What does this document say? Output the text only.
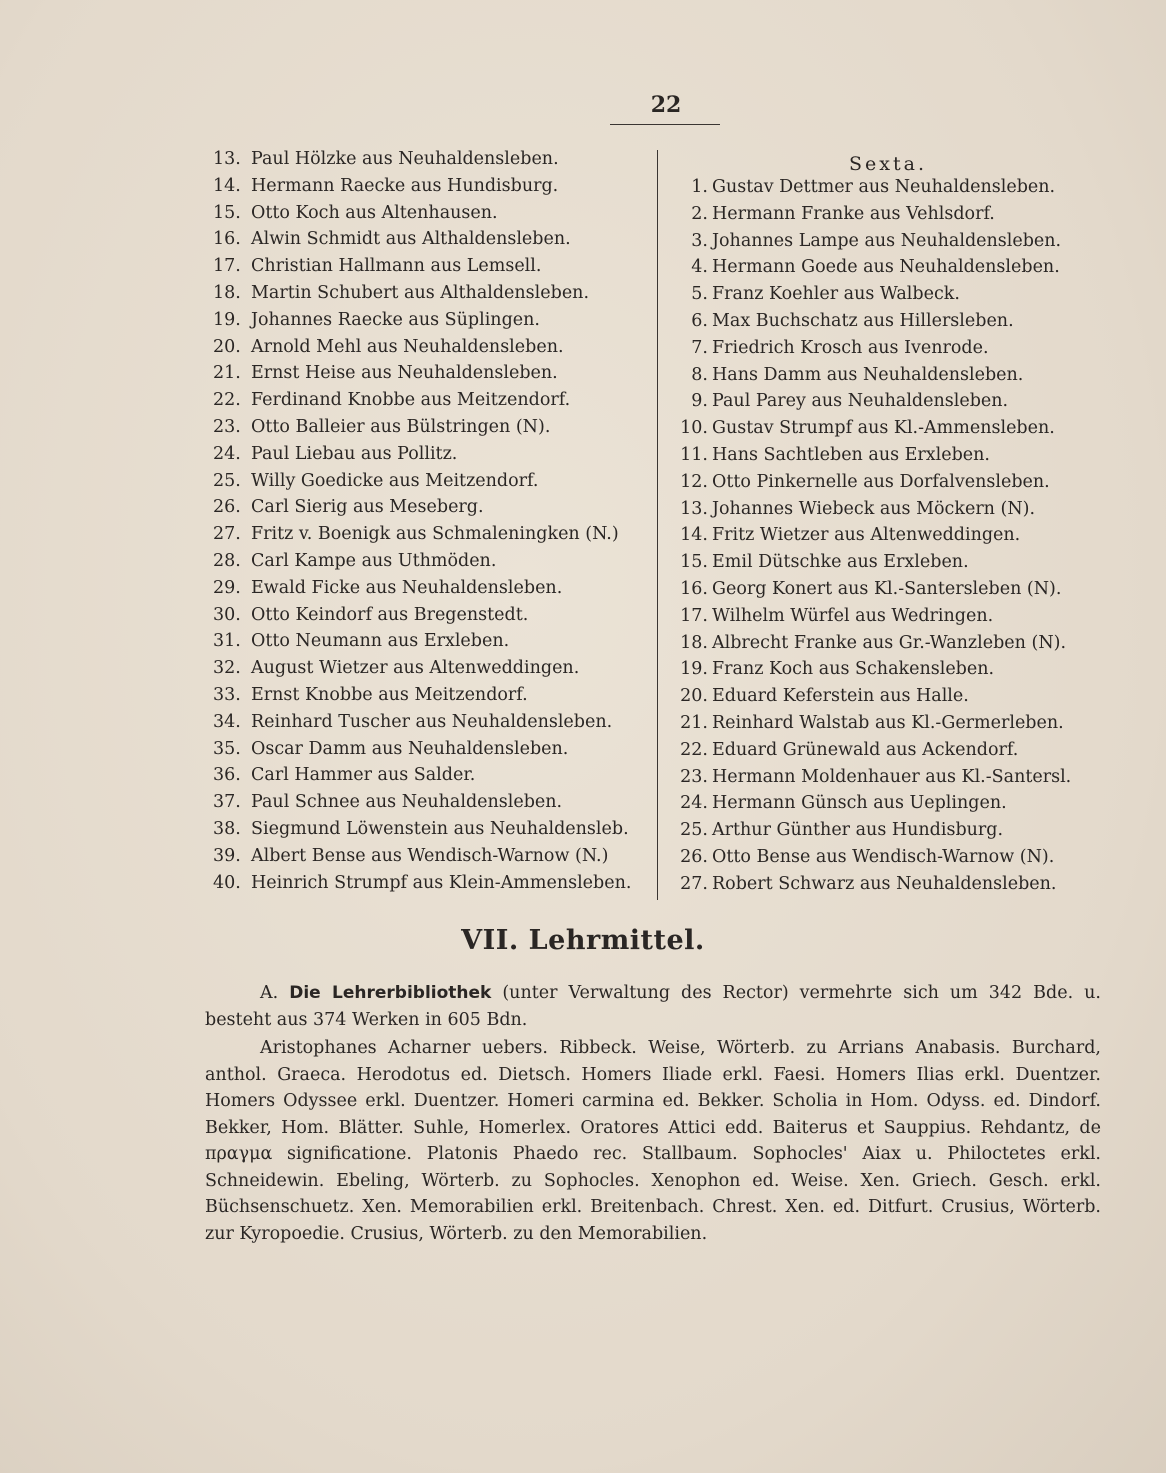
22
13. Paul Hölzke aus Neuhaldensleben.
14. Hermann Raecke aus Hundisburg.
15. Otto Koch aus Altenhausen.
16. Alwin Schmidt aus Althaldensleben.
17. Christian Hallmann aus Lemsell.
18. Martin Schubert aus Althaldensleben.
19. Johannes Raecke aus Süplingen.
20. Arnold Mehl aus Neuhaldensleben.
21. Ernst Heise aus Neuhaldensleben.
22. Ferdinand Knobbe aus Meitzendorf.
23. Otto Balleier aus Bülstringen (N).
24. Paul Liebau aus Pollitz.
25. Willy Goedicke aus Meitzendorf.
26. Carl Sierig aus Meseberg.
27. Fritz v. Boenigk aus Schmaleningken (N.)
28. Carl Kampe aus Uthmöden.
29. Ewald Ficke aus Neuhaldensleben.
30. Otto Keindorf aus Bregenstedt.
31. Otto Neumann aus Erxleben.
32. August Wietzer aus Altenweddingen.
33. Ernst Knobbe aus Meitzendorf.
34. Reinhard Tuscher aus Neuhaldensleben.
35. Oscar Damm aus Neuhaldensleben.
36. Carl Hammer aus Salder.
37. Paul Schnee aus Neuhaldensleben.
38. Siegmund Löwenstein aus Neuhaldensleb.
39. Albert Bense aus Wendisch-Warnow (N.)
40. Heinrich Strumpf aus Klein-Ammensleben.
Sexta.
1. Gustav Dettmer aus Neuhaldensleben.
2. Hermann Franke aus Vehlsdorf.
3. Johannes Lampe aus Neuhaldensleben.
4. Hermann Goede aus Neuhaldensleben.
5. Franz Koehler aus Walbeck.
6. Max Buchschatz aus Hillersleben.
7. Friedrich Krosch aus Ivenrode.
8. Hans Damm aus Neuhaldensleben.
9. Paul Parey aus Neuhaldensleben.
10. Gustav Strumpf aus Kl.-Ammensleben.
11. Hans Sachtleben aus Erxleben.
12. Otto Pinkernelle aus Dorfalvensleben.
13. Johannes Wiebeck aus Möckern (N).
14. Fritz Wietzer aus Altenweddingen.
15. Emil Dütschke aus Erxleben.
16. Georg Konert aus Kl.-Santersleben (N).
17. Wilhelm Würfel aus Wedringen.
18. Albrecht Franke aus Gr.-Wanzleben (N).
19. Franz Koch aus Schakensleben.
20. Eduard Keferstein aus Halle.
21. Reinhard Walstab aus Kl.-Germerleben.
22. Eduard Grünewald aus Ackendorf.
23. Hermann Moldenhauer aus Kl.-Santersl.
24. Hermann Günsch aus Ueplingen.
25. Arthur Günther aus Hundisburg.
26. Otto Bense aus Wendisch-Warnow (N).
27. Robert Schwarz aus Neuhaldensleben.
VII. Lehrmittel.
A. Die Lehrerbibliothek (unter Verwaltung des Rector) vermehrte sich um 342 Bde. u. besteht aus 374 Werken in 605 Bdn.
Aristophanes Acharner uebers. Ribbeck. Weise, Wörterb. zu Arrians Anabasis. Burchard, anthol. Graeca. Herodotus ed. Dietsch. Homers Iliade erkl. Faesi. Homers Ilias erkl. Duentzer. Homers Odyssee erkl. Duentzer. Homeri carmina ed. Bekker. Scholia in Hom. Odyss. ed. Dindorf. Bekker, Hom. Blätter. Suhle, Homerlex. Oratores Attici edd. Baiterus et Sauppius. Rehdantz, de πραγμα significatione. Platonis Phaedo rec. Stallbaum. Sophocles' Aiax u. Philoctetes erkl. Schneidewin. Ebeling, Wörterb. zu Sophocles. Xenophon ed. Weise. Xen. Griech. Gesch. erkl. Büchsenschuetz. Xen. Memorabilien erkl. Breitenbach. Chrest. Xen. ed. Ditfurt. Crusius, Wörterb. zur Kyropoedie. Crusius, Wörterb. zu den Memorabilien.
